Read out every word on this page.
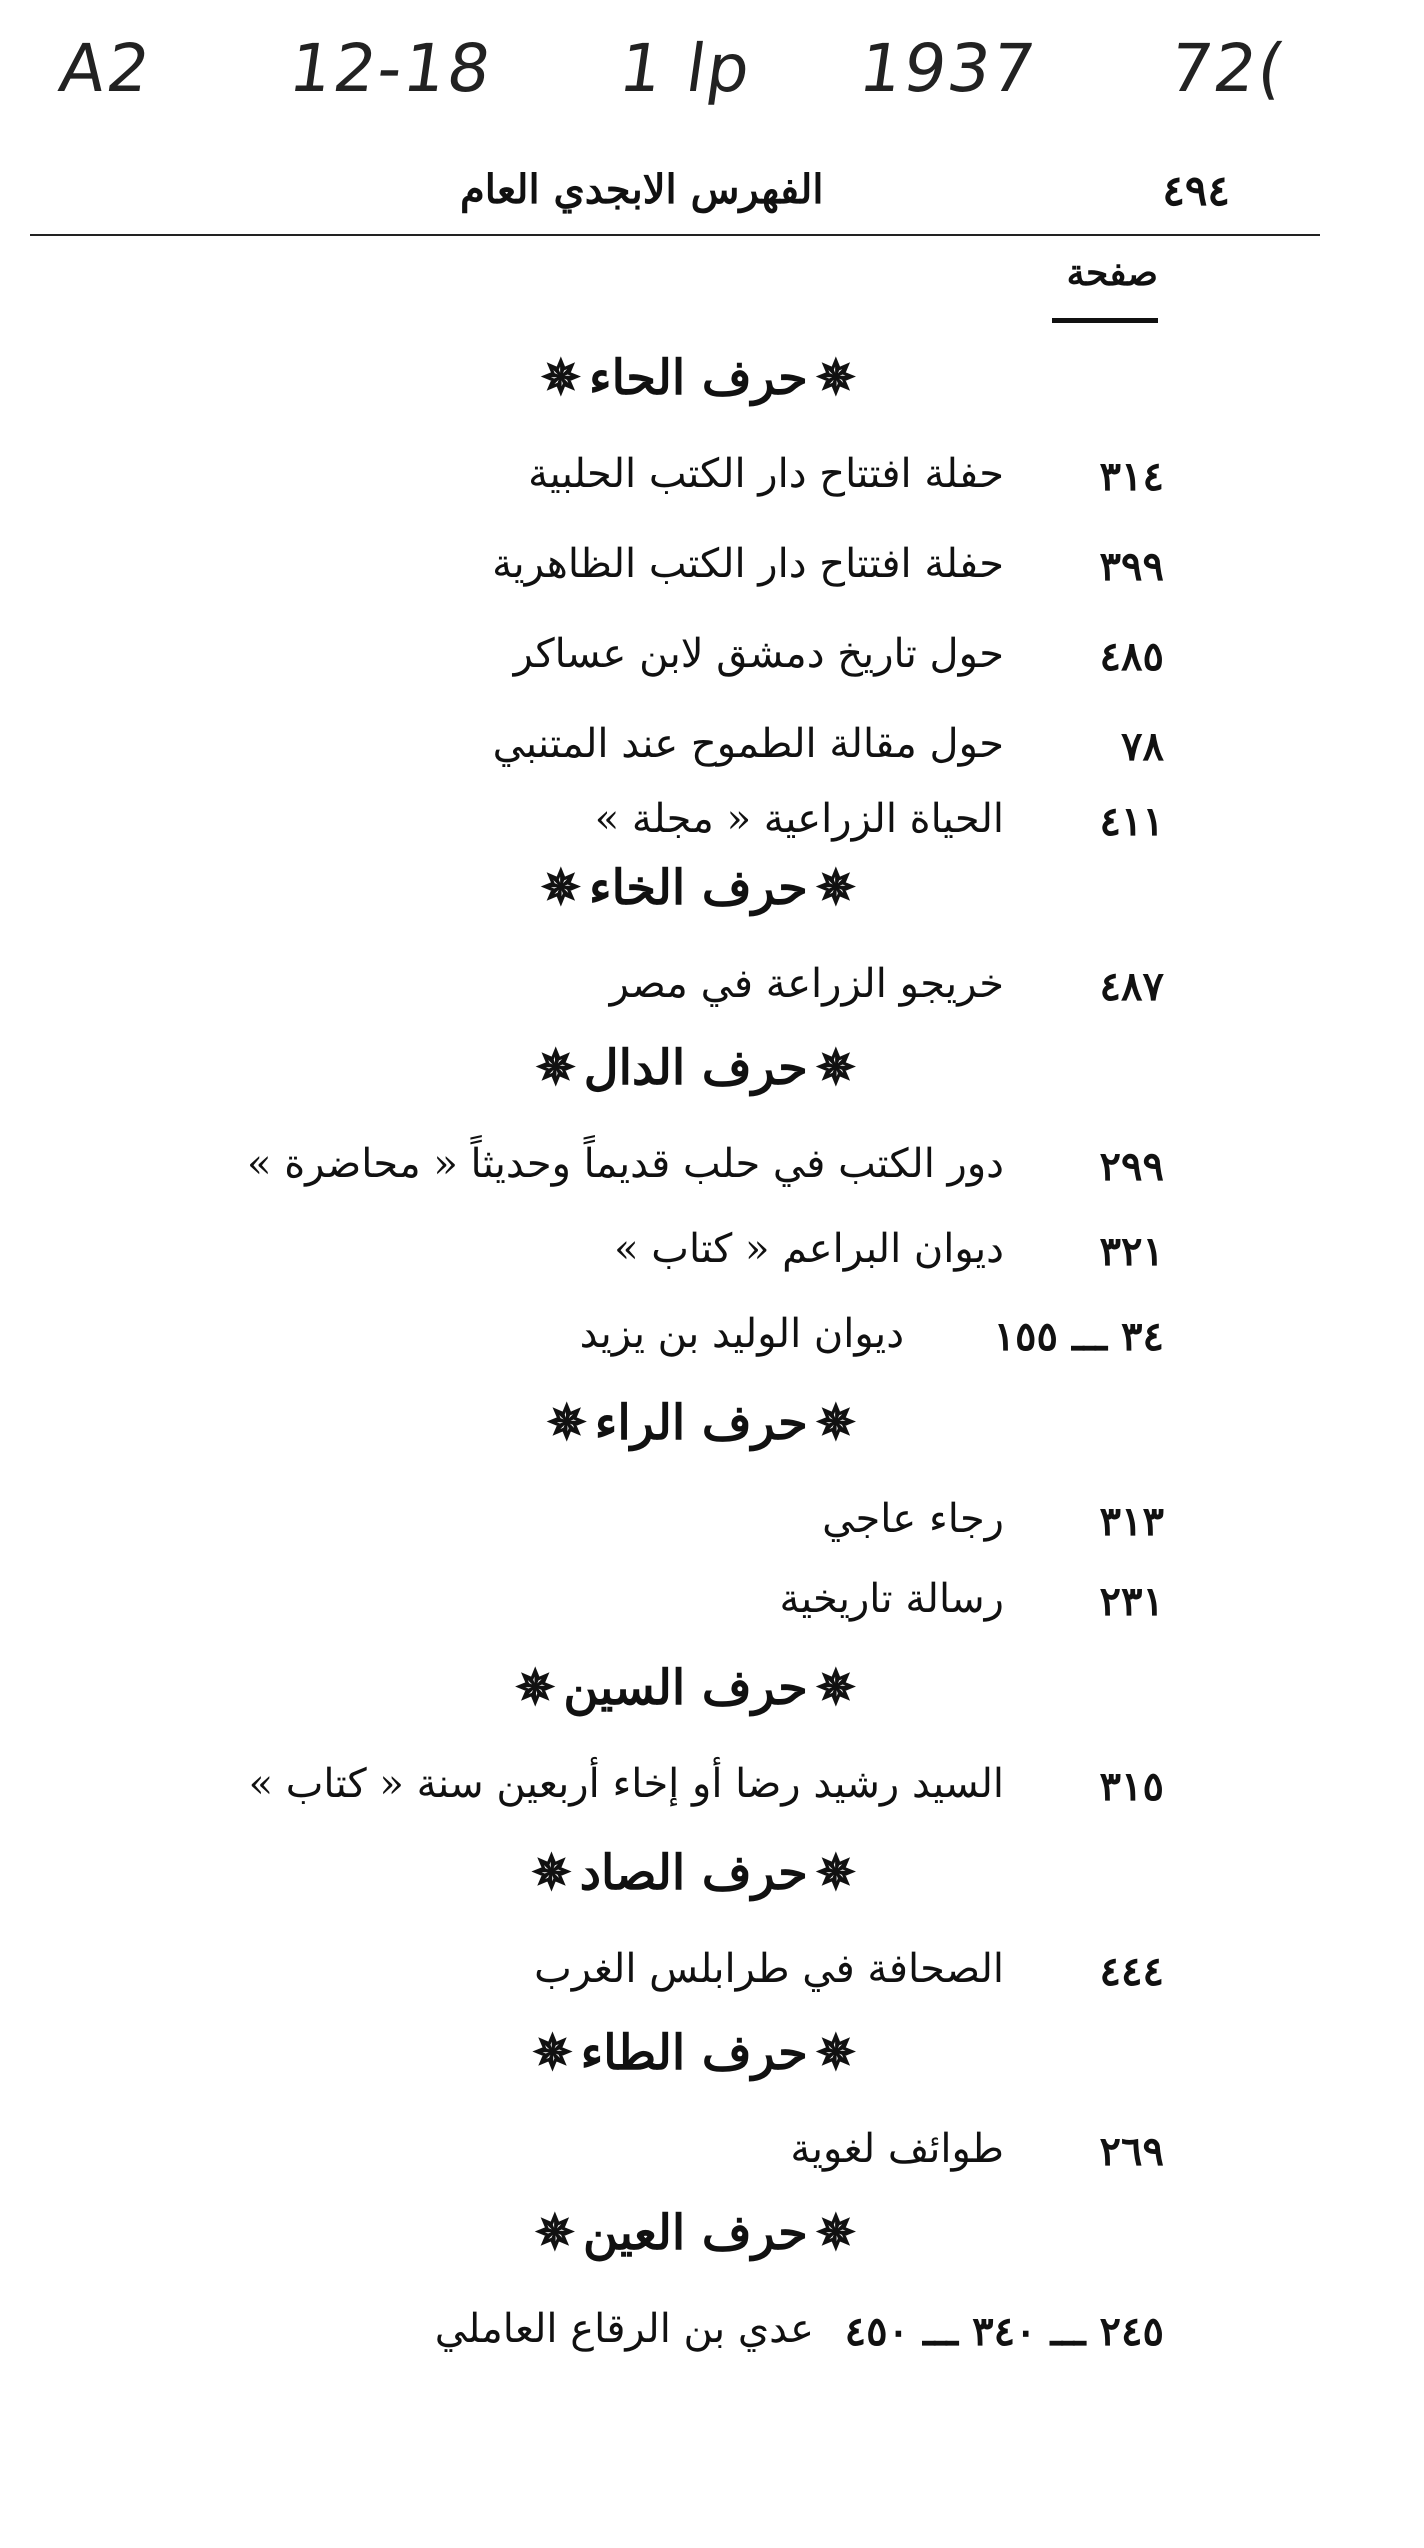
A2 12-18 1 lp 1937 72(
الفهرس الابجدي العام	٤٩٤
صفحة
✵حرف الحاء✵
٣١٤
حفلة افتتاح دار الكتب الحلبية
٣٩٩
حفلة افتتاح دار الكتب الظاهرية
٤٨٥
حول تاريخ دمشق لابن عساكر
٧٨
حول مقالة الطموح عند المتنبي
٤١١
الحياة الزراعية « مجلة »
✵حرف الخاء✵
٤٨٧
خريجو الزراعة في مصر
✵حرف الدال✵
٢٩٩
دور الكتب في حلب قديماً وحديثاً « محاضرة »
٣٢١
ديوان البراعم « كتاب »
٣٤ ـــ ١٥٥
ديوان الوليد بن يزيد
✵حرف الراء✵
٣١٣
رجاء عاجي
٢٣١
رسالة تاريخية
✵حرف السين✵
٣١٥
السيد رشيد رضا أو إخاء أربعين سنة « كتاب »
✵حرف الصاد✵
٤٤٤
الصحافة في طرابلس الغرب
✵حرف الطاء✵
٢٦٩
طوائف لغوية
✵حرف العين✵
٢٤٥ ـــ ٣٤٠ ـــ ٤٥٠
عدي بن الرقاع العاملي
